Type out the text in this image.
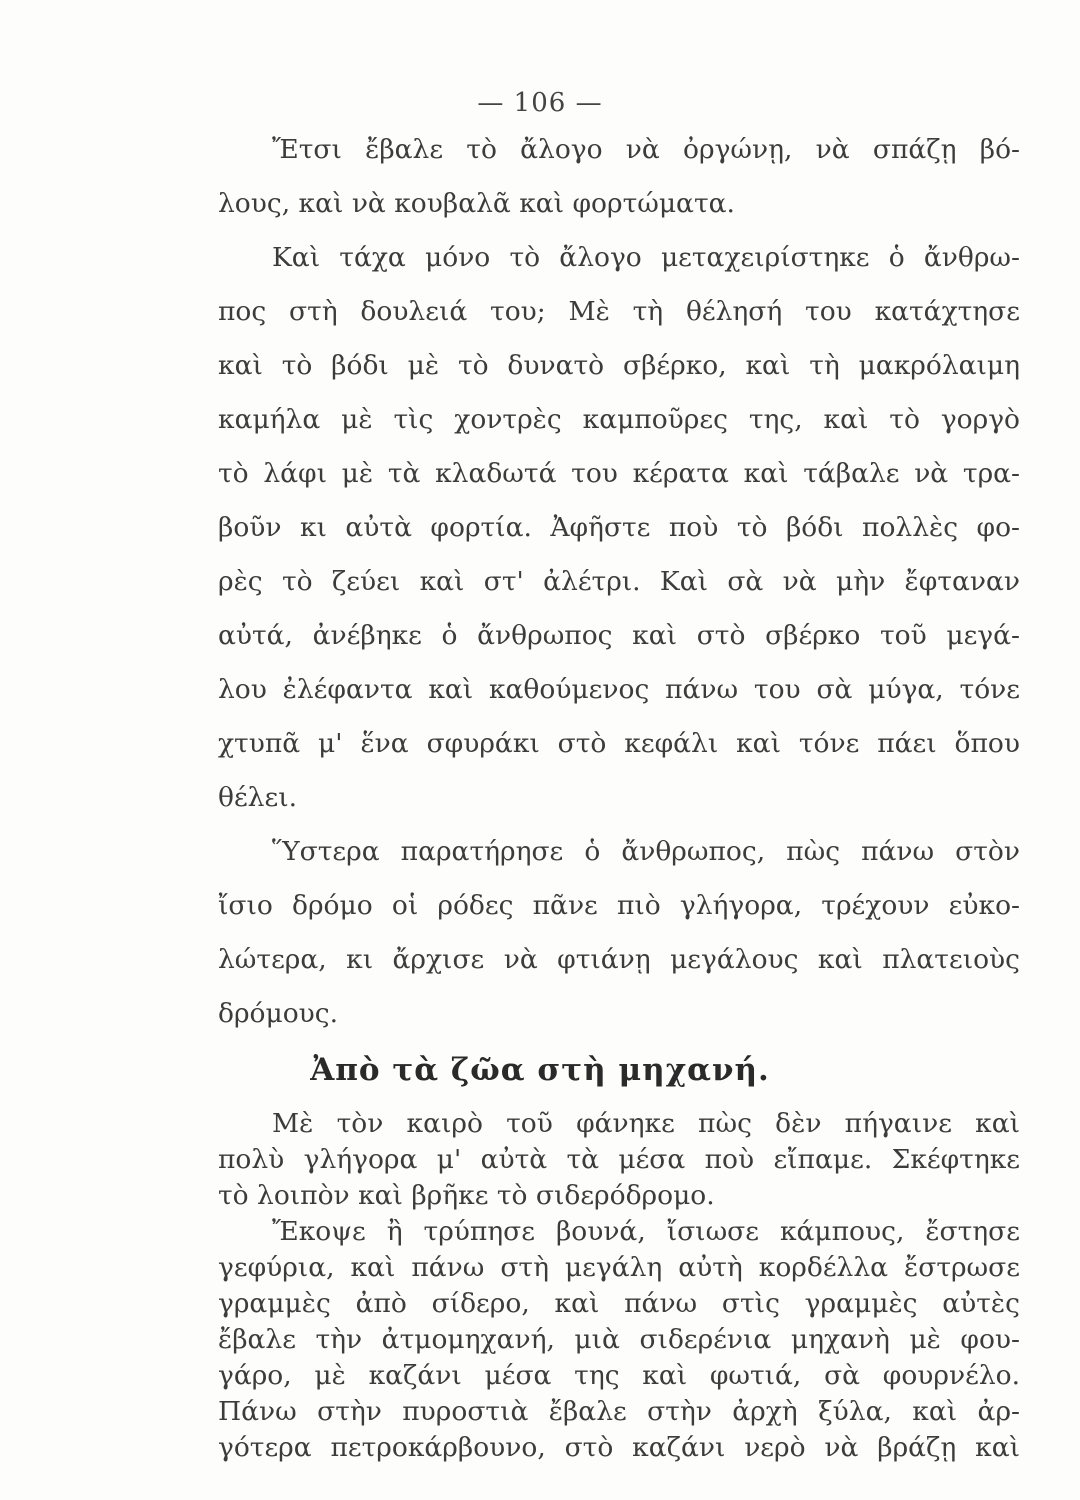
— 106 —
Ἔτσι ἔβαλε τὸ ἄλογο νὰ ὀργώνῃ, νὰ σπάζῃ βό-
λους, καὶ νὰ κουβαλᾶ καὶ φορτώματα.
Καὶ τάχα μόνο τὸ ἄλογο μεταχειρίστηκε ὁ ἄνθρω-
πος στὴ δουλειά του; Μὲ τὴ θέλησή του κατάχτησε
καὶ τὸ βόδι μὲ τὸ δυνατὸ σβέρκο, καὶ τὴ μακρόλαιμη
καμήλα μὲ τὶς χοντρὲς καμποῦρες της, καὶ τὸ γοργὸ
τὸ λάφι μὲ τὰ κλαδωτά του κέρατα καὶ τάβαλε νὰ τρα-
βοῦν κι αὐτὰ φορτία. Ἀφῆστε ποὺ τὸ βόδι πολλὲς φο-
ρὲς τὸ ζεύει καὶ στ' ἀλέτρι. Καὶ σὰ νὰ μὴν ἔφταναν
αὐτά, ἀνέβηκε ὁ ἄνθρωπος καὶ στὸ σβέρκο τοῦ μεγά-
λου ἐλέφαντα καὶ καθούμενος πάνω του σὰ μύγα, τόνε
χτυπᾶ μ' ἕνα σφυράκι στὸ κεφάλι καὶ τόνε πάει ὅπου
θέλει.
Ὕστερα παρατήρησε ὁ ἄνθρωπος, πὼς πάνω στὸν
ἴσιο δρόμο οἱ ρόδες πᾶνε πιὸ γλήγορα, τρέχουν εὐκο-
λώτερα, κι ἄρχισε νὰ φτιάνῃ μεγάλους καὶ πλατειοὺς
δρόμους.
Ἀπὸ τὰ ζῶα στὴ μηχανή.
Μὲ τὸν καιρὸ τοῦ φάνηκε πὼς δὲν πήγαινε καὶ
πολὺ γλήγορα μ' αὐτὰ τὰ μέσα ποὺ εἴπαμε. Σκέφτηκε
τὸ λοιπὸν καὶ βρῆκε τὸ σιδερόδρομο.
Ἔκοψε ἢ τρύπησε βουνά, ἴσιωσε κάμπους, ἔστησε
γεφύρια, καὶ πάνω στὴ μεγάλη αὐτὴ κορδέλλα ἔστρωσε
γραμμὲς ἀπὸ σίδερο, καὶ πάνω στὶς γραμμὲς αὐτὲς
ἔβαλε τὴν ἀτμομηχανή, μιὰ σιδερένια μηχανὴ μὲ φου-
γάρο, μὲ καζάνι μέσα της καὶ φωτιά, σὰ φουρνέλο.
Πάνω στὴν πυροστιὰ ἔβαλε στὴν ἀρχὴ ξύλα, καὶ ἀρ-
γότερα πετροκάρβουνο, στὸ καζάνι νερὸ νὰ βράζῃ καὶ
